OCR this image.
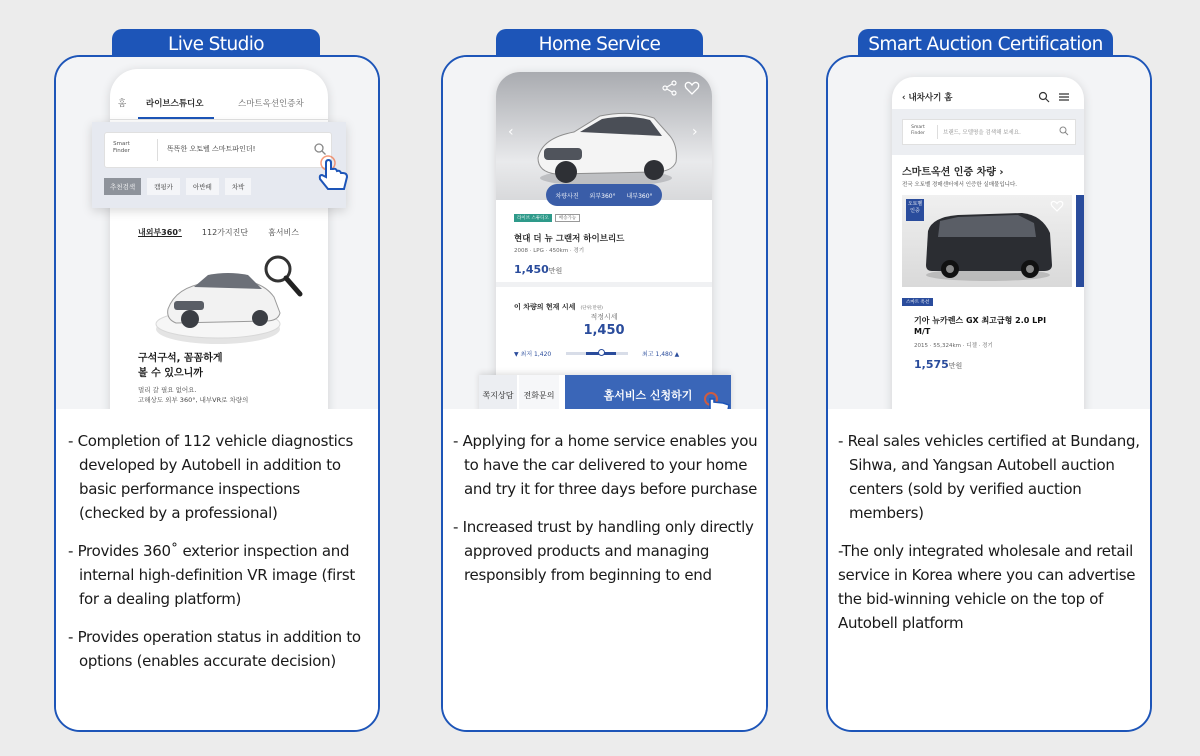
Live Studio
홈	라이브스튜디오	스마트옥션인증차
내외부360°	112가지진단	홈서비스
구석구석, 꼼꼼하게
볼 수 있으니까
멀리 갈 필요 없어요.
고해상도 외부 360°, 내부VR로 차량의
Smart
Finder	똑똑한 오토벨 스마트파인더!
추천검색	캠핑카	아반떼	차박

- Completion of 112 vehicle diagnostics developed by Autobell in addition to basic performance inspections (checked by a professional)

- Provides 360˚ exterior inspection and internal high-definition VR image (first for a dealing platform)

- Provides operation status in addition to options (enables accurate decision)

Home Service
‹	›
차량사진 외부360° 내부360°
라이브 스튜디오	배송가능
현대 더 뉴 그랜저 하이브리드
2008 · LPG · 450km · 경기
1,450만원
이 차량의 현재 시세 (단위:만원)
적정시세
1,450
▼ 최저 1,420	최고 1,480 ▲
쪽지상담	전화문의	홈서비스 신청하기

- Applying for a home service enables you to have the car delivered to your home and try it for three days before purchase

- Increased trust by handling only directly approved products and managing responsibly from beginning to end

Smart Auction Certification
‹ 내차사기 홈
Smart
Finder	브랜드, 모델명을 검색해 보세요.
스마트옥션 인증 차량 ›
전국 오토벨 경매센터에서 인증한 실매물입니다.
오토벨 인증
스마트 옥션
기아 뉴카렌스 GX 최고급형 2.0 LPI M/T
2015 · 55,324km · 디젤 · 경기
1,575만원

- Real sales vehicles certified at Bundang, Sihwa, and Yangsan Autobell auction centers (sold by verified auction members)

-The only integrated wholesale and retail service in Korea where you can advertise the bid-winning vehicle on the top of Autobell platform
